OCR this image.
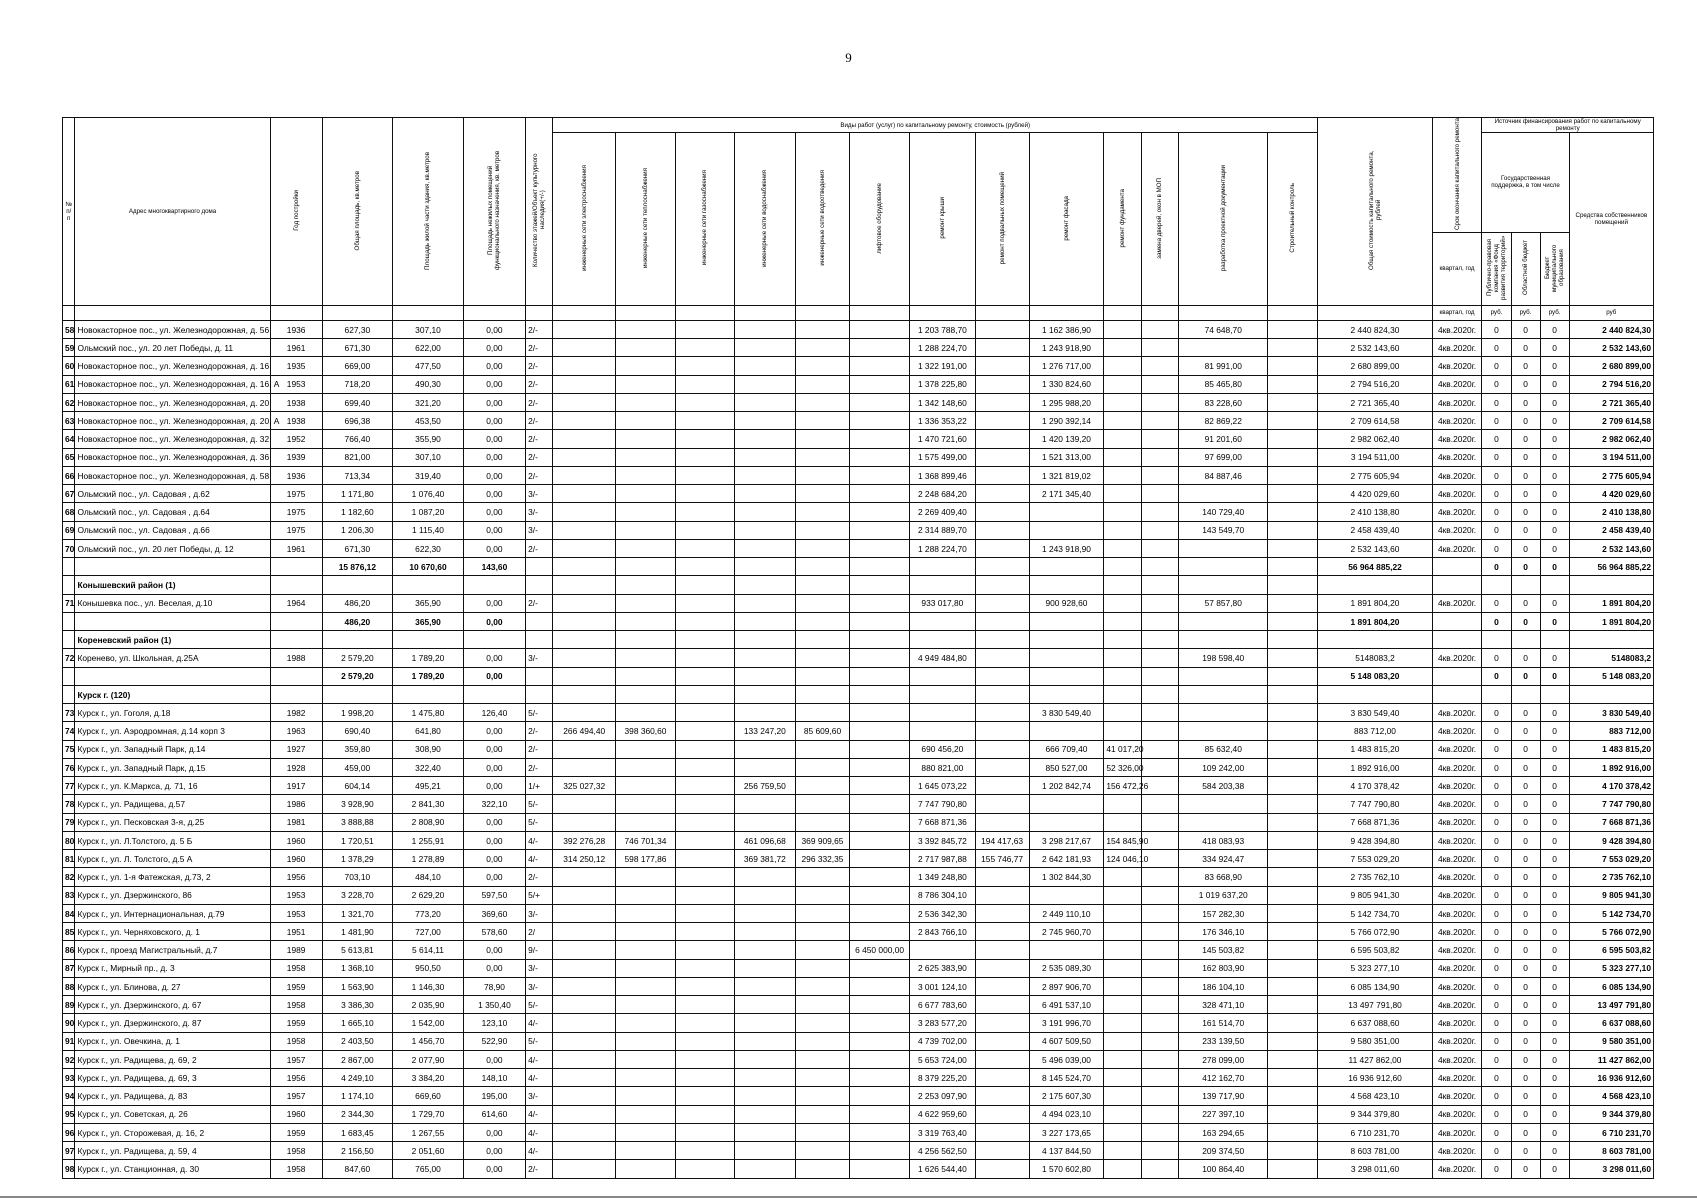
9
№ п/п	Адрес многоквартирного дома	Год постройки	Общая площадь, кв.метров	Площадь жилой части здания, кв.метров	Площадь нежилых помещений функционального назначения, кв. метров	Количество этажей/Объект культурного наследия(+/-)	Виды работ (услуг) по капитальному ремонту, стоимость (рублей)													Общая стоимость капитального ремонта, рублей	Срок окончания капитального ремонта	Источник финансирования работ по капитальному ремонту			
							инженерные сети электроснабжения	инженерные сети теплоснабжения	инженерные сети газоснабжения	инженерные сети водоснабжения	инженерные сети водоотведения	лифтовое оборудование	ремонт крыши	ремонт подвальных помещений	ремонт фасада	ремонт фундамента	замена дверей, окон в МОП	разработка проектной документации	Строительный контроль			Государственная поддержка, в том числе			Средства собственников помещений
																					квартал, год	Публично-правовая компания «Фонд развития территорий»	Областной бюджет	Бюджет муниципального образования	
																					квартал, год	руб.	руб.	руб.	руб
58	Новокасторное пос., ул. Железнодорожная, д. 56	1936	627,30	307,10	0,00	2/-							1 203 788,70		1 162 386,90			74 648,70		2 440 824,30	4кв.2020г.	0	0	0	2 440 824,30
59	Ольмский пос., ул. 20 лет Победы, д. 11	1961	671,30	622,00	0,00	2/-							1 288 224,70		1 243 918,90					2 532 143,60	4кв.2020г.	0	0	0	2 532 143,60
60	Новокасторное пос., ул. Железнодорожная, д. 16	1935	669,00	477,50	0,00	2/-							1 322 191,00		1 276 717,00			81 991,00		2 680 899,00	4кв.2020г.	0	0	0	2 680 899,00
61	Новокасторное пос., ул. Железнодорожная, д. 16, А	1953	718,20	490,30	0,00	2/-							1 378 225,80		1 330 824,60			85 465,80		2 794 516,20	4кв.2020г.	0	0	0	2 794 516,20
62	Новокасторное пос., ул. Железнодорожная, д. 20	1938	699,40	321,20	0,00	2/-							1 342 148,60		1 295 988,20			83 228,60		2 721 365,40	4кв.2020г.	0	0	0	2 721 365,40
63	Новокасторное пос., ул. Железнодорожная, д. 20, А	1938	696,38	453,50	0,00	2/-							1 336 353,22		1 290 392,14			82 869,22		2 709 614,58	4кв.2020г.	0	0	0	2 709 614,58
64	Новокасторное пос., ул. Железнодорожная, д. 32	1952	766,40	355,90	0,00	2/-							1 470 721,60		1 420 139,20			91 201,60		2 982 062,40	4кв.2020г.	0	0	0	2 982 062,40
65	Новокасторное пос., ул. Железнодорожная, д. 36	1939	821,00	307,10	0,00	2/-							1 575 499,00		1 521 313,00			97 699,00		3 194 511,00	4кв.2020г.	0	0	0	3 194 511,00
66	Новокасторное пос., ул. Железнодорожная, д. 58	1936	713,34	319,40	0,00	2/-							1 368 899,46		1 321 819,02			84 887,46		2 775 605,94	4кв.2020г.	0	0	0	2 775 605,94
67	Ольмский пос., ул. Садовая , д.62	1975	1 171,80	1 076,40	0,00	3/-							2 248 684,20		2 171 345,40					4 420 029,60	4кв.2020г.	0	0	0	4 420 029,60
68	Ольмский пос., ул. Садовая , д.64	1975	1 182,60	1 087,20	0,00	3/-							2 269 409,40					140 729,40		2 410 138,80	4кв.2020г.	0	0	0	2 410 138,80
69	Ольмский пос., ул. Садовая , д.66	1975	1 206,30	1 115,40	0,00	3/-							2 314 889,70					143 549,70		2 458 439,40	4кв.2020г.	0	0	0	2 458 439,40
70	Ольмский пос., ул. 20 лет Победы, д. 12	1961	671,30	622,30	0,00	2/-							1 288 224,70		1 243 918,90					2 532 143,60	4кв.2020г.	0	0	0	2 532 143,60
			15 876,12	10 670,60	143,60															56 964 885,22		0	0	0	56 964 885,22
	Конышевский район (1)																								
71	Конышевка пос., ул. Веселая, д.10	1964	486,20	365,90	0,00	2/-							933 017,80		900 928,60			57 857,80		1 891 804,20	4кв.2020г.	0	0	0	1 891 804,20
			486,20	365,90	0,00															1 891 804,20		0	0	0	1 891 804,20
	Кореневский район (1)																								
72	Коренево, ул. Школьная, д.25А	1988	2 579,20	1 789,20	0,00	3/-							4 949 484,80					198 598,40		5148083,2	4кв.2020г.	0	0	0	5148083,2
			2 579,20	1 789,20	0,00															5 148 083,20		0	0	0	5 148 083,20
	Курск г. (120)																								
73	Курск г., ул. Гоголя, д.18	1982	1 998,20	1 475,80	126,40	5/-									3 830 549,40					3 830 549,40	4кв.2020г.	0	0	0	3 830 549,40
74	Курск г., ул. Аэродромная, д.14 корп 3	1963	690,40	641,80	0,00	2/-	266 494,40	398 360,60		133 247,20	85 609,60									883 712,00	4кв.2020г.	0	0	0	883 712,00
75	Курск г., ул. Западный Парк, д.14	1927	359,80	308,90	0,00	2/-							690 456,20		666 709,40	41 017,20		85 632,40		1 483 815,20	4кв.2020г.	0	0	0	1 483 815,20
76	Курск г., ул. Западный Парк, д.15	1928	459,00	322,40	0,00	2/-							880 821,00		850 527,00	52 326,00		109 242,00		1 892 916,00	4кв.2020г.	0	0	0	1 892 916,00
77	Курск г., ул. К.Маркса, д. 71, 16	1917	604,14	495,21	0,00	1/+	325 027,32			256 759,50			1 645 073,22		1 202 842,74	156 472,26		584 203,38		4 170 378,42	4кв.2020г.	0	0	0	4 170 378,42
78	Курск г., ул. Радищева, д.57	1986	3 928,90	2 841,30	322,10	5/-							7 747 790,80							7 747 790,80	4кв.2020г.	0	0	0	7 747 790,80
79	Курск г., ул. Песковская 3-я, д.25	1981	3 888,88	2 808,90	0,00	5/-							7 668 871,36							7 668 871,36	4кв.2020г.	0	0	0	7 668 871,36
80	Курск г., ул. Л.Толстого, д. 5 Б	1960	1 720,51	1 255,91	0,00	4/-	392 276,28	746 701,34		461 096,68	369 909,65		3 392 845,72	194 417,63	3 298 217,67	154 845,90		418 083,93		9 428 394,80	4кв.2020г.	0	0	0	9 428 394,80
81	Курск г., ул. Л. Толстого, д.5 А	1960	1 378,29	1 278,89	0,00	4/-	314 250,12	598 177,86		369 381,72	296 332,35		2 717 987,88	155 746,77	2 642 181,93	124 046,10		334 924,47		7 553 029,20	4кв.2020г.	0	0	0	7 553 029,20
82	Курск г., ул. 1-я Фатежская, д.73, 2	1956	703,10	484,10	0,00	2/-							1 349 248,80		1 302 844,30			83 668,90		2 735 762,10	4кв.2020г.	0	0	0	2 735 762,10
83	Курск г., ул. Дзержинского, 86	1953	3 228,70	2 629,20	597,50	5/+							8 786 304,10					1 019 637,20		9 805 941,30	4кв.2020г.	0	0	0	9 805 941,30
84	Курск г., ул. Интернациональная, д.79	1953	1 321,70	773,20	369,60	3/-							2 536 342,30		2 449 110,10			157 282,30		5 142 734,70	4кв.2020г.	0	0	0	5 142 734,70
85	Курск г., ул. Черняховского, д. 1	1951	1 481,90	727,00	578,60	2/							2 843 766,10		2 745 960,70			176 346,10		5 766 072,90	4кв.2020г.	0	0	0	5 766 072,90
86	Курск г., проезд Магистральный, д.7	1989	5 613,81	5 614,11	0,00	9/-						6 450 000,00						145 503,82		6 595 503,82	4кв.2020г.	0	0	0	6 595 503,82
87	Курск г., Мирный пр., д. 3	1958	1 368,10	950,50	0,00	3/-							2 625 383,90		2 535 089,30			162 803,90		5 323 277,10	4кв.2020г.	0	0	0	5 323 277,10
88	Курск г., ул. Блинова, д. 27	1959	1 563,90	1 146,30	78,90	3/-							3 001 124,10		2 897 906,70			186 104,10		6 085 134,90	4кв.2020г.	0	0	0	6 085 134,90
89	Курск г., ул. Дзержинского, д. 67	1958	3 386,30	2 035,90	1 350,40	5/-							6 677 783,60		6 491 537,10			328 471,10		13 497 791,80	4кв.2020г.	0	0	0	13 497 791,80
90	Курск г., ул. Дзержинского, д. 87	1959	1 665,10	1 542,00	123,10	4/-							3 283 577,20		3 191 996,70			161 514,70		6 637 088,60	4кв.2020г.	0	0	0	6 637 088,60
91	Курск г., ул. Овечкина, д. 1	1958	2 403,50	1 456,70	522,90	5/-							4 739 702,00		4 607 509,50			233 139,50		9 580 351,00	4кв.2020г.	0	0	0	9 580 351,00
92	Курск г., ул. Радищева, д. 69, 2	1957	2 867,00	2 077,90	0,00	4/-							5 653 724,00		5 496 039,00			278 099,00		11 427 862,00	4кв.2020г.	0	0	0	11 427 862,00
93	Курск г., ул. Радищева, д. 69, 3	1956	4 249,10	3 384,20	148,10	4/-							8 379 225,20		8 145 524,70			412 162,70		16 936 912,60	4кв.2020г.	0	0	0	16 936 912,60
94	Курск г., ул. Радищева, д. 83	1957	1 174,10	669,60	195,00	3/-							2 253 097,90		2 175 607,30			139 717,90		4 568 423,10	4кв.2020г.	0	0	0	4 568 423,10
95	Курск г., ул. Советская, д. 26	1960	2 344,30	1 729,70	614,60	4/-							4 622 959,60		4 494 023,10			227 397,10		9 344 379,80	4кв.2020г.	0	0	0	9 344 379,80
96	Курск г., ул. Сторожевая, д. 16, 2	1959	1 683,45	1 267,55	0,00	4/-							3 319 763,40		3 227 173,65			163 294,65		6 710 231,70	4кв.2020г.	0	0	0	6 710 231,70
97	Курск г., ул. Радищева, д. 59, 4	1958	2 156,50	2 051,60	0,00	4/-							4 256 562,50		4 137 844,50			209 374,50		8 603 781,00	4кв.2020г.	0	0	0	8 603 781,00
98	Курск г., ул. Станционная, д. 30	1958	847,60	765,00	0,00	2/-							1 626 544,40		1 570 602,80			100 864,40		3 298 011,60	4кв.2020г.	0	0	0	3 298 011,60
